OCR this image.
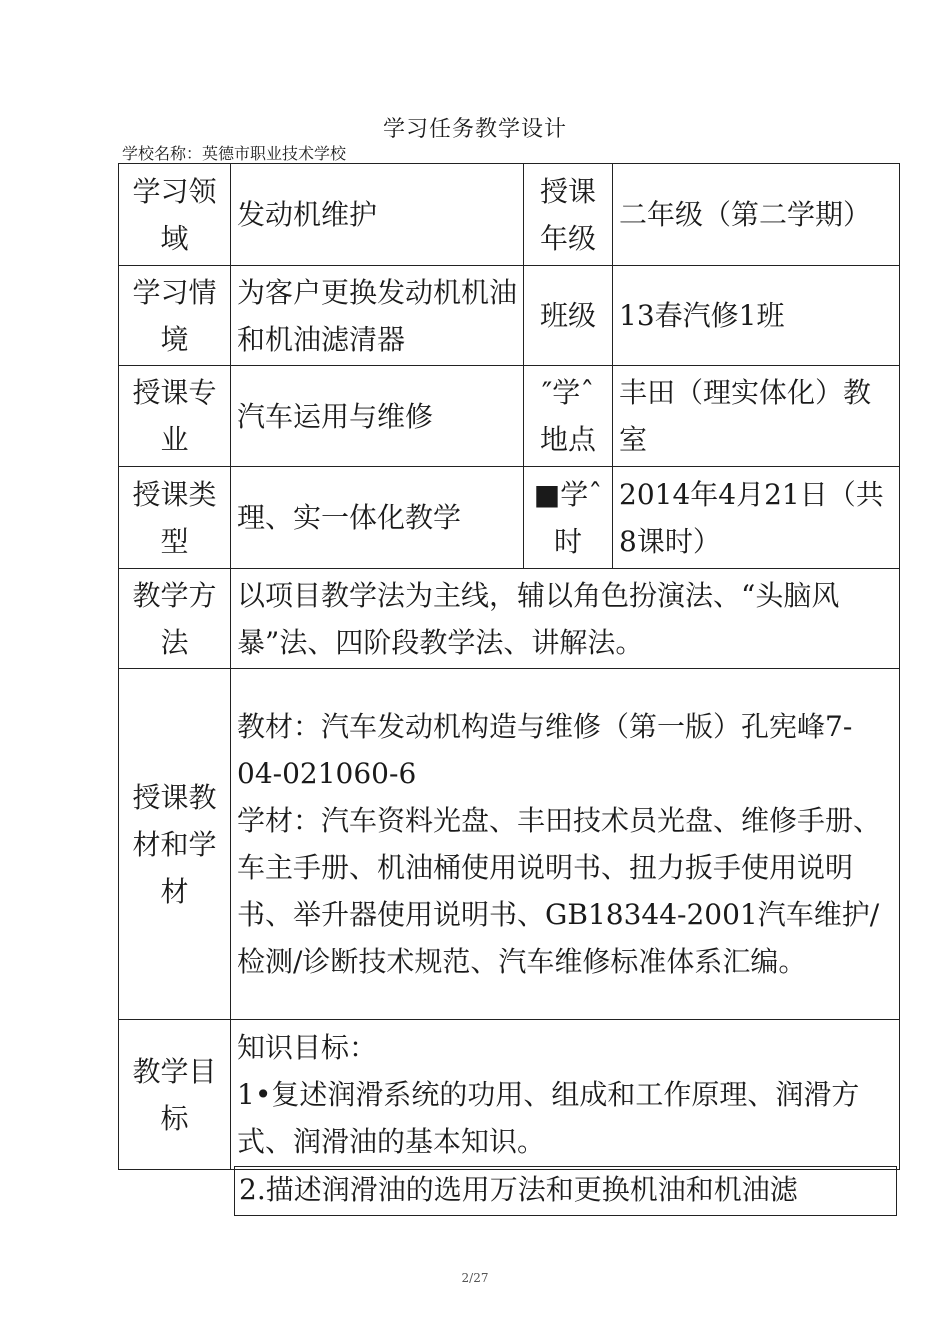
学习任务教学设计
学校名称：英德市职业技术学校
学习领域	发动机维护	授课年级	二年级（第二学期）
学习情境	为客户更换发动机机油和机油滤清器	班级	13春汽修1班
授课专业	汽车运用与维修	″学ˆ地点	丰田（理实体化）教室
授课类型	理、实一体化教学	■学ˆ时	2014年4月21日（共8课时）
教学方法	以项目教学法为主线，辅以角色扮演法、“头脑风暴”法、四阶段教学法、讲解法。		
授课教材和学材	教材：汽车发动机构造与维修（第一版）孔宪峰7-04-021060-6
学材：汽车资料光盘、丰田技术员光盘、维修手册、车主手册、机油桶使用说明书、扭力扳手使用说明书、举升器使用说明书、GB18344-2001汽车维护/检测/诊断技术规范、汽车维修标准体系汇编。		

教学目标	知识目标：
1•复述润滑系统的功用、组成和工作原理、润滑方式、润滑油的基本知识。		
2.描述润滑油的选用万法和更换机油和机油滤
2/27
